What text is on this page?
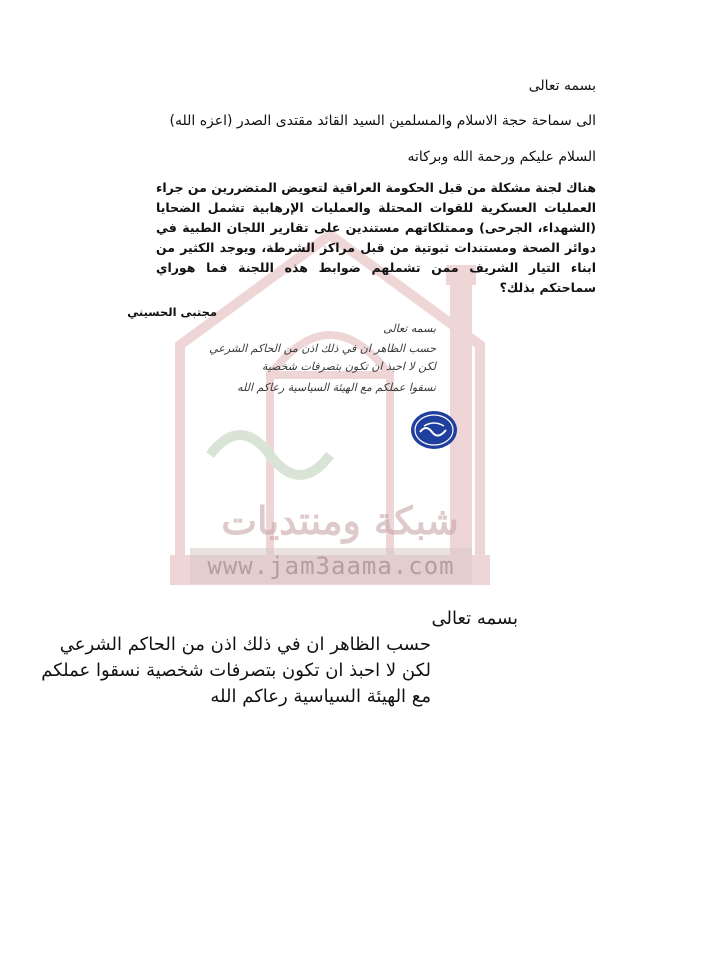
شبكة ومنتديات
www.jam3aama.com
بسمه تعالى
الى سماحة حجة الاسلام والمسلمين السيد القائد مقتدى الصدر (اعزه الله)
السلام عليكم ورحمة الله وبركاته
هناك لجنة مشكلة من قبل الحكومة العراقية لتعويض المتضررين من جراء العمليات العسكرية للقوات المحتلة والعمليات الإرهابية تشمل الضحايا (الشهداء، الجرحى) وممتلكاتهم مستندين على تقارير اللجان الطبية في دوائر الصحة ومستندات ثبوتية من قبل مراكز الشرطة، ويوجد الكثير من ابناء التيار الشريف ممن تشملهم ضوابط هذه اللجنة فما هوراي سماحتكم بذلك؟
مجتبى الحسيني
بسمه تعالى
حسب الظاهر ان في ذلك اذن من الحاكم الشرعي
لكن لا احبذ ان تكون بتصرفات شخصية
نسقوا عملكم مع الهيئة السياسية رعاكم الله
بسمه تعالى
حسب الظاهر ان في ذلك اذن من الحاكم الشرعي
لكن لا احبذ ان تكون بتصرفات شخصية نسقوا عملكم
مع الهيئة السياسية رعاكم الله
